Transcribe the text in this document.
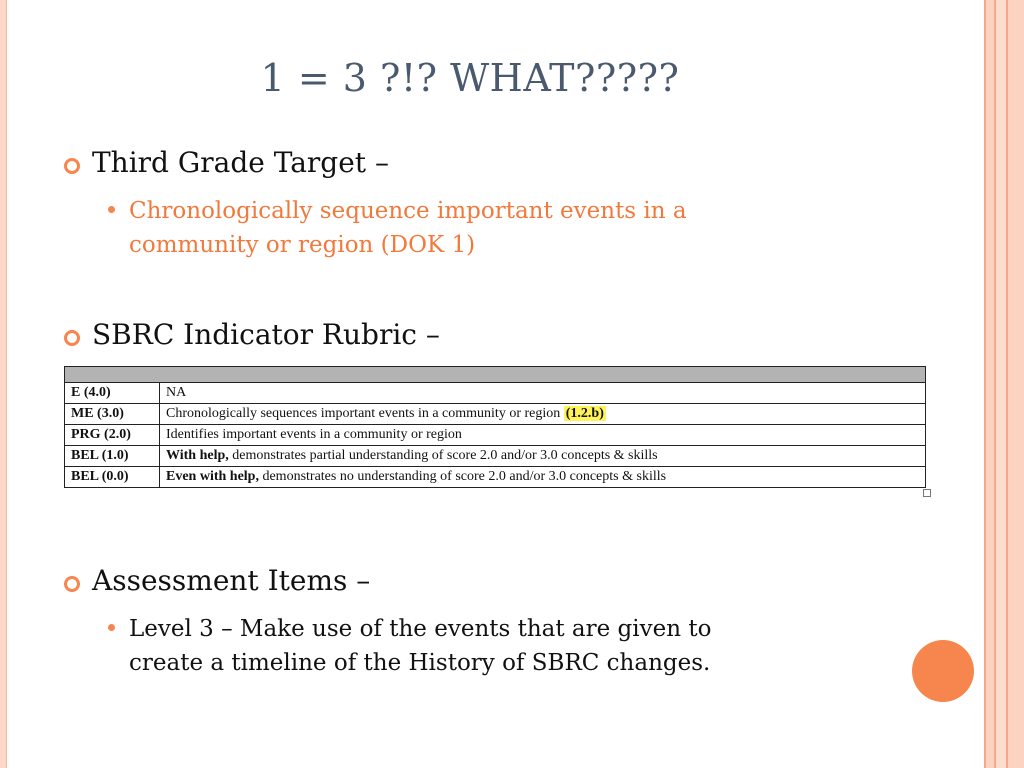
1 = 3 ?!? WHAT?????
Third Grade Target –
Chronologically sequence important events in a
community or region (DOK 1)
SBRC Indicator Rubric –
E (4.0)	NA
ME (3.0)	Chronologically sequences important events in a community or region (1.2.b)
PRG (2.0)	Identifies important events in a community or region
BEL (1.0)	With help, demonstrates partial understanding of score 2.0 and/or 3.0 concepts & skills
BEL (0.0)	Even with help, demonstrates no understanding of score 2.0 and/or 3.0 concepts & skills
Assessment Items –
Level 3 – Make use of the events that are given to
create a timeline of the History of SBRC changes.
